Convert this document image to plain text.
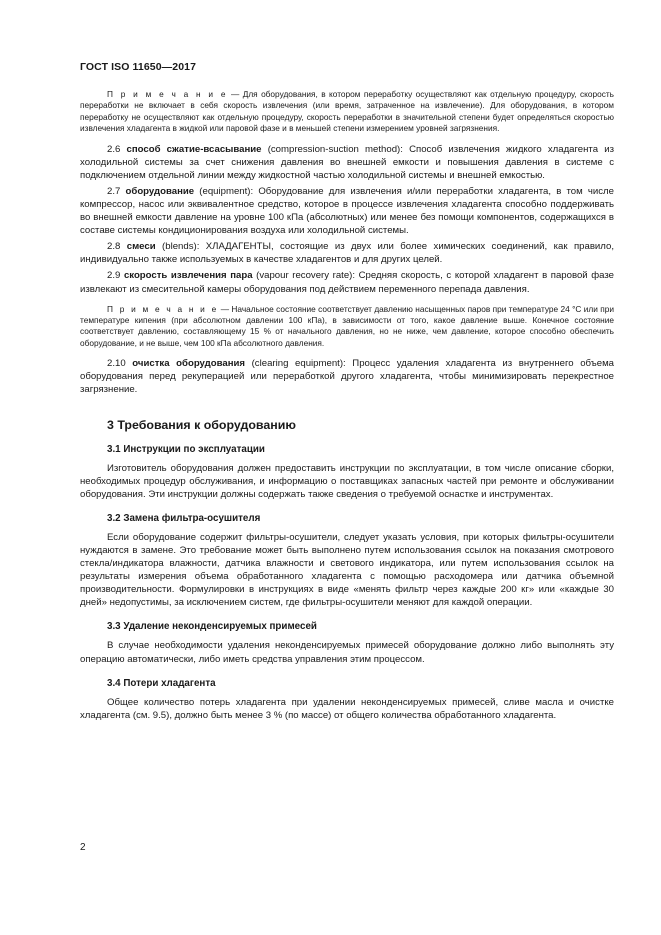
ГОСТ ISO 11650—2017

П р и м е ч а н и е — Для оборудования, в котором переработку осуществляют как отдельную процедуру, скорость переработки не включает в себя скорость извлечения (или время, затраченное на извлечение). Для оборудования, в котором переработку не осуществляют как отдельную процедуру, скорость переработки в значительной степени будет определяться скоростью извлечения хладагента в жидкой или паровой фазе и в меньшей степени измерением уровней загрязнения.

2.6 способ сжатие-всасывание (compression-suction method): Способ извлечения жидкого хладагента из холодильной системы за счет снижения давления во внешней емкости и повышения давления в системе с подключением отдельной линии между жидкостной частью холодильной системы и внешней емкостью.

2.7 оборудование (equipment): Оборудование для извлечения и/или переработки хладагента, в том числе компрессор, насос или эквивалентное средство, которое в процессе извлечения хладагента способно поддерживать во внешней емкости давление на уровне 100 кПа (абсолютных) или менее без помощи компонентов, содержащихся в составе системы кондиционирования воздуха или холодильной системы.

2.8 смеси (blends): ХЛАДАГЕНТЫ, состоящие из двух или более химических соединений, как правило, индивидуально также используемых в качестве хладагентов и для других целей.

2.9 скорость извлечения пара (vapour recovery rate): Средняя скорость, с которой хладагент в паровой фазе извлекают из смесительной камеры оборудования под действием переменного перепада давления.

П р и м е ч а н и е — Начальное состояние соответствует давлению насыщенных паров при температуре 24 °С или при температуре кипения (при абсолютном давлении 100 кПа), в зависимости от того, какое давление выше. Конечное состояние соответствует давлению, составляющему 15 % от начального давления, но не ниже, чем давление, которое способно обеспечить оборудование, и не выше, чем 100 кПа абсолютного давления.

2.10 очистка оборудования (clearing equipment): Процесс удаления хладагента из внутреннего объема оборудования перед рекуперацией или переработкой другого хладагента, чтобы минимизировать перекрестное загрязнение.

3 Требования к оборудованию
3.1 Инструкции по эксплуатации

Изготовитель оборудования должен предоставить инструкции по эксплуатации, в том числе описание сборки, необходимых процедур обслуживания, и информацию о поставщиках запасных частей при ремонте и обслуживании оборудования. Эти инструкции должны содержать также сведения о требуемой оснастке и инструментах.

3.2 Замена фильтра-осушителя

Если оборудование содержит фильтры-осушители, следует указать условия, при которых фильтры-осушители нуждаются в замене. Это требование может быть выполнено путем использования ссылок на показания смотрового стекла/индикатора влажности, датчика влажности и светового индикатора, или путем использования ссылок на результаты измерения объема обработанного хладагента с помощью расходомера или датчика объемной производительности. Формулировки в инструкциях в виде «менять фильтр через каждые 200 кг» или «каждые 30 дней» недопустимы, за исключением систем, где фильтры-осушители меняют для каждой операции.

3.3 Удаление неконденсируемых примесей

В случае необходимости удаления неконденсируемых примесей оборудование должно либо выполнять эту операцию автоматически, либо иметь средства управления этим процессом.

3.4 Потери хладагента

Общее количество потерь хладагента при удалении неконденсируемых примесей, сливе масла и очистке хладагента (см. 9.5), должно быть менее 3 % (по массе) от общего количества обработанного хладагента.

2
